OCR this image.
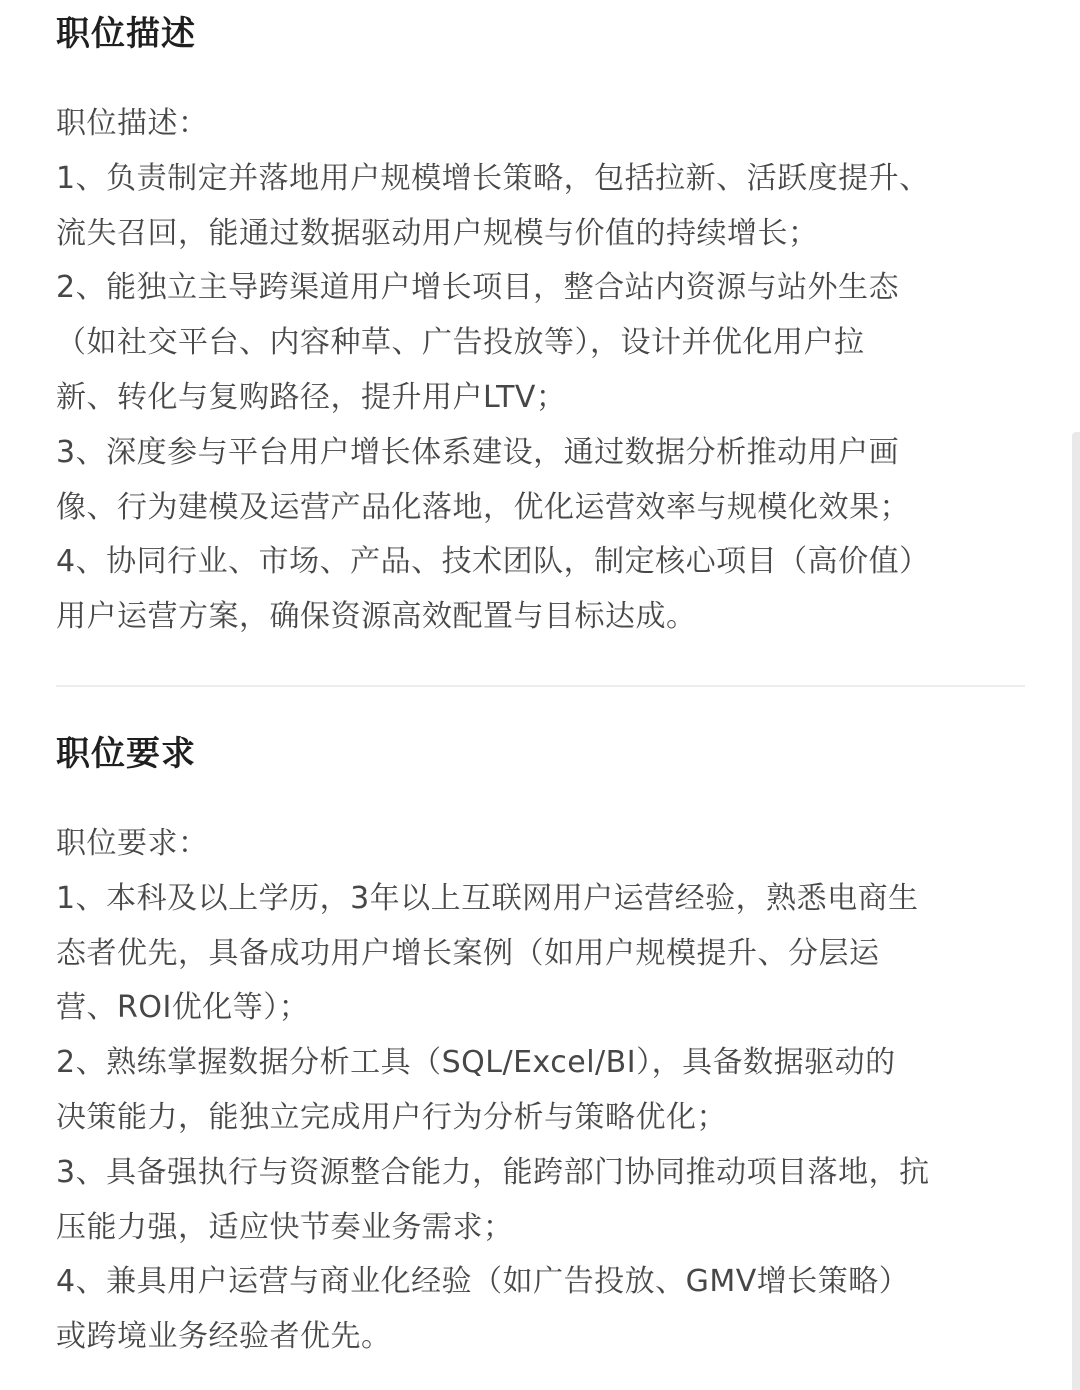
职位描述
职位描述：
1、负责制定并落地用户规模增长策略，包括拉新、活跃度提升、
流失召回，能通过数据驱动用户规模与价值的持续增长；
2、能独立主导跨渠道用户增长项目，整合站内资源与站外生态
（如社交平台、内容种草、广告投放等），设计并优化用户拉
新、转化与复购路径，提升用户LTV；
3、深度参与平台用户增长体系建设，通过数据分析推动用户画
像、行为建模及运营产品化落地，优化运营效率与规模化效果；
4、协同行业、市场、产品、技术团队，制定核心项目（高价值）
用户运营方案，确保资源高效配置与目标达成。
职位要求
职位要求：
1、本科及以上学历，3年以上互联网用户运营经验，熟悉电商生
态者优先，具备成功用户增长案例（如用户规模提升、分层运
营、ROI优化等）；
2、熟练掌握数据分析工具（SQL/Excel/BI），具备数据驱动的
决策能力，能独立完成用户行为分析与策略优化；
3、具备强执行与资源整合能力，能跨部门协同推动项目落地，抗
压能力强，适应快节奏业务需求；
4、兼具用户运营与商业化经验（如广告投放、GMV增长策略）
或跨境业务经验者优先。
